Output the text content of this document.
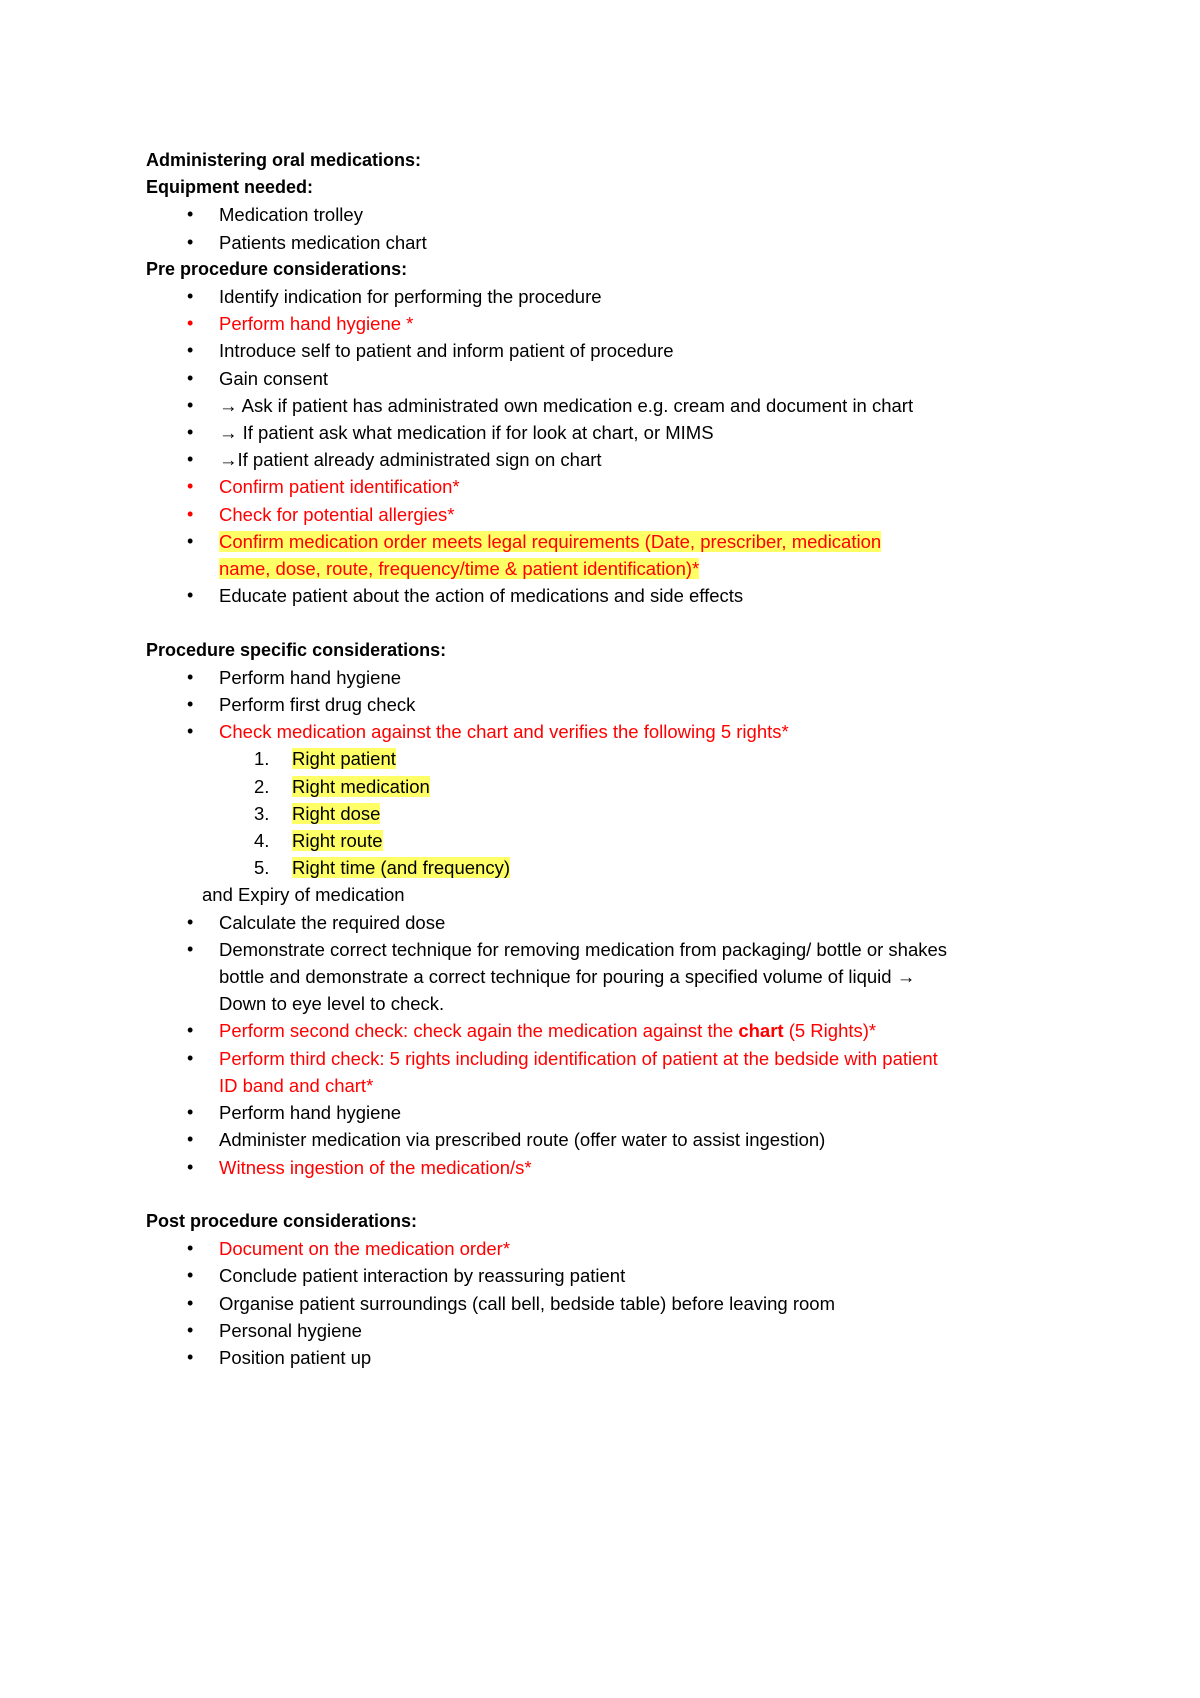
Administering oral medications:
Equipment needed:
• Medication trolley
• Patients medication chart
Pre procedure considerations:
• Identify indication for performing the procedure
• Perform hand hygiene *
• Introduce self to patient and inform patient of procedure
• Gain consent
• → Ask if patient has administrated own medication e.g. cream and document in chart
• → If patient ask what medication if for look at chart, or MIMS
• →If patient already administrated sign on chart
• Confirm patient identification*
• Check for potential allergies*
• Confirm medication order meets legal requirements (Date, prescriber, medication name, dose, route, frequency/time & patient identification)*
• Educate patient about the action of medications and side effects
Procedure specific considerations:
• Perform hand hygiene
• Perform first drug check
• Check medication against the chart and verifies the following 5 rights*
1. Right patient
2. Right medication
3. Right dose
4. Right route
5. Right time (and frequency)
and Expiry of medication
• Calculate the required dose
• Demonstrate correct technique for removing medication from packaging/ bottle or shakes bottle and demonstrate a correct technique for pouring a specified volume of liquid → Down to eye level to check.
• Perform second check: check again the medication against the chart (5 Rights)*
• Perform third check: 5 rights including identification of patient at the bedside with patient ID band and chart*
• Perform hand hygiene
• Administer medication via prescribed route (offer water to assist ingestion)
• Witness ingestion of the medication/s*
Post procedure considerations:
• Document on the medication order*
• Conclude patient interaction by reassuring patient
• Organise patient surroundings (call bell, bedside table) before leaving room
• Personal hygiene
• Position patient up
